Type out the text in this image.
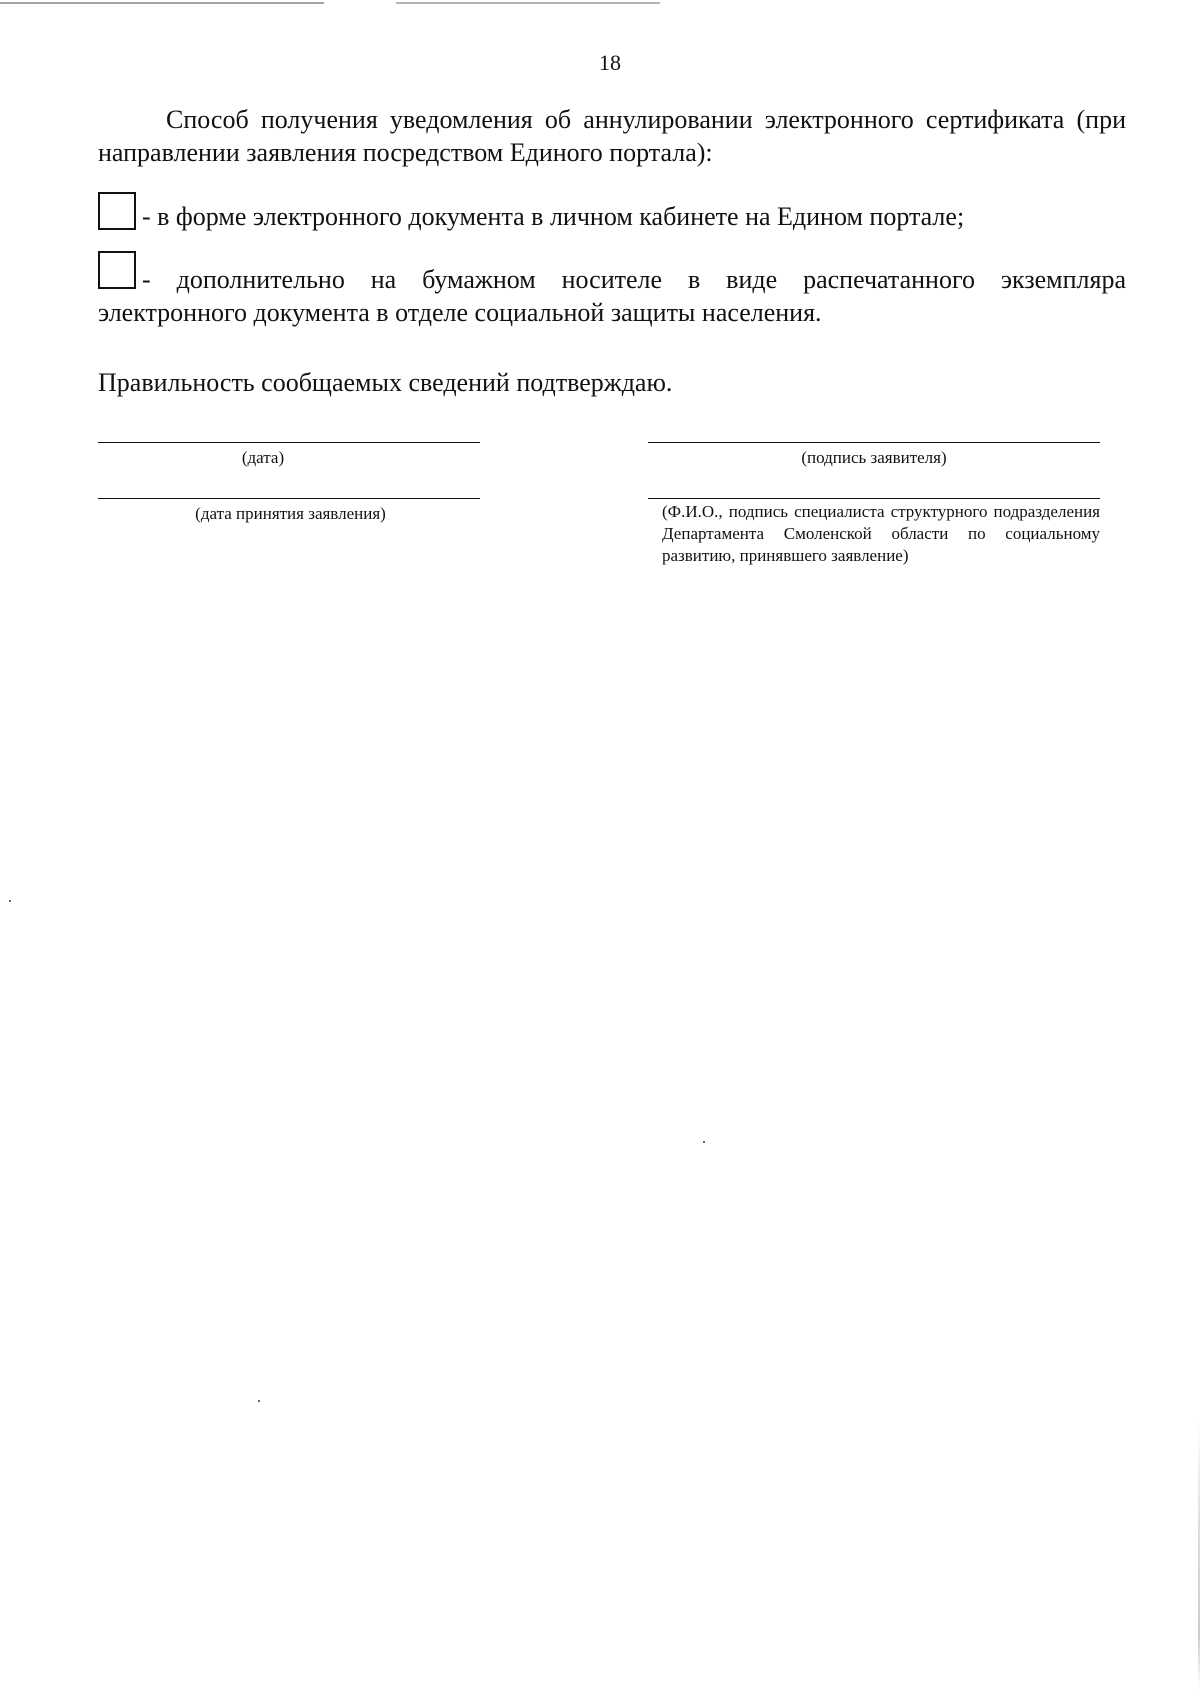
18
Способ получения уведомления об аннулировании электронного сертификата (при направлении заявления посредством Единого портала):
- в форме электронного документа в личном кабинете на Едином портале;
- дополнительно на бумажном носителе в виде распечатанного экземпляра
электронного документа в отделе социальной защиты населения.
Правильность сообщаемых сведений подтверждаю.
(дата)	(подпись заявителя)
(дата принятия заявления)	(Ф.И.О., подпись специалиста структурного подразделения Департамента Смоленской области по социальному развитию, принявшего заявление)
